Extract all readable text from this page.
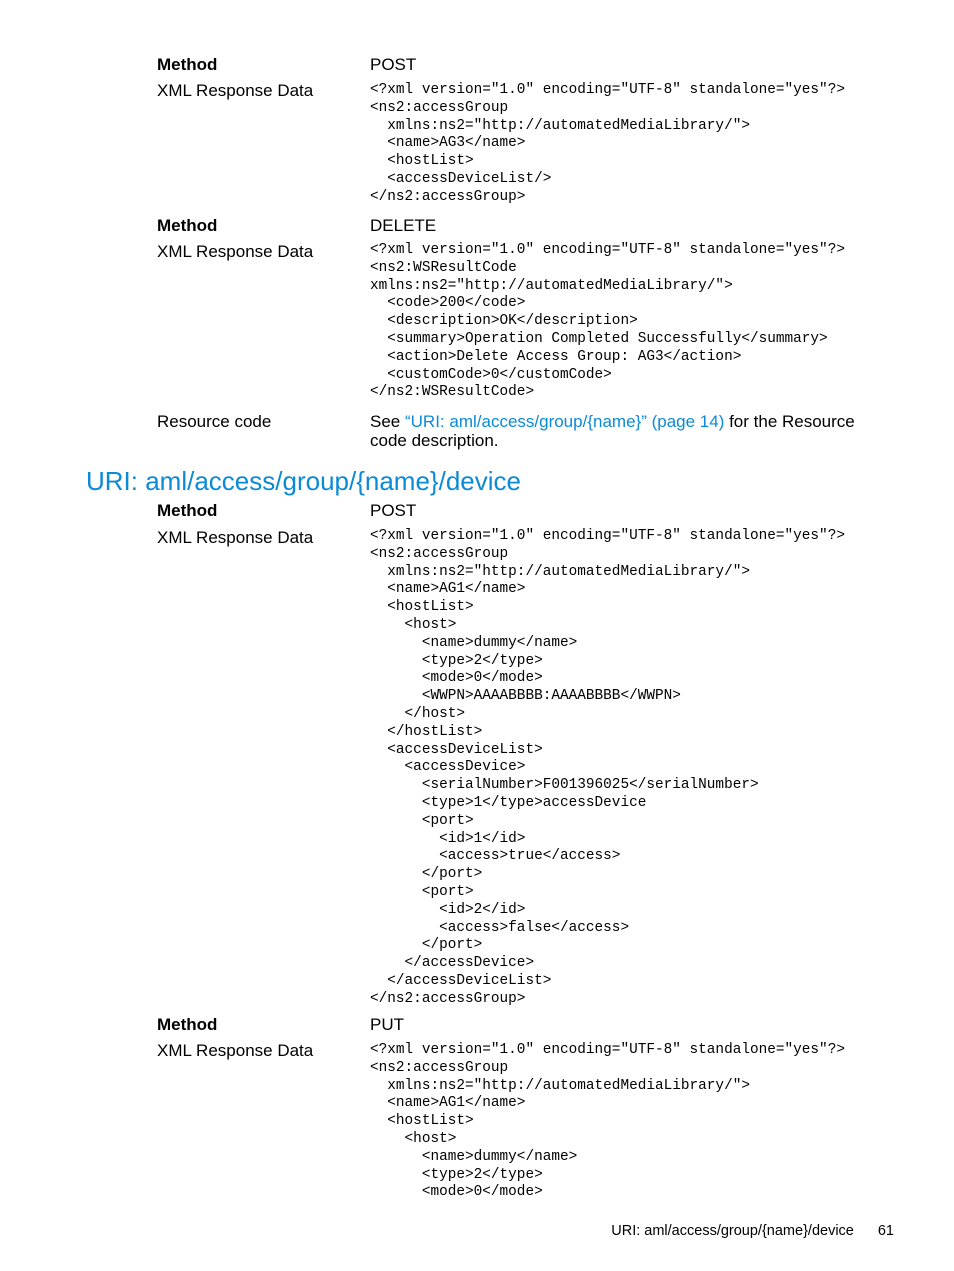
Method	POST
XML Response Data	<?xml version="1.0" encoding="UTF-8" standalone="yes"?>
<ns2:accessGroup
xmlns:ns2="http://automatedMediaLibrary/">
<name>AG3</name>
<hostList>
<accessDeviceList/>
</ns2:accessGroup>
Method	DELETE
XML Response Data	<?xml version="1.0" encoding="UTF-8" standalone="yes"?>
<ns2:WSResultCode
xmlns:ns2="http://automatedMediaLibrary/">
<code>200</code>
<description>OK</description>
<summary>Operation Completed Successfully</summary>
<action>Delete Access Group: AG3</action>
<customCode>0</customCode>
</ns2:WSResultCode>
Resource code	See “URI: aml/access/group/{name}” (page 14) for the Resource
code description.
URI: aml/access/group/{name}/device
Method	POST
XML Response Data	<?xml version="1.0" encoding="UTF-8" standalone="yes"?>
<ns2:accessGroup
xmlns:ns2="http://automatedMediaLibrary/">
<name>AG1</name>
<hostList>
<host>
<name>dummy</name>
<type>2</type>
<mode>0</mode>
<WWPN>AAAABBBB:AAAABBBB</WWPN>
</host>
</hostList>
<accessDeviceList>
<accessDevice>
<serialNumber>F001396025</serialNumber>
<type>1</type>accessDevice
<port>
<id>1</id>
<access>true</access>
</port>
<port>
<id>2</id>
<access>false</access>
</port>
</accessDevice>
</accessDeviceList>
</ns2:accessGroup>
Method	PUT
XML Response Data	<?xml version="1.0" encoding="UTF-8" standalone="yes"?>
<ns2:accessGroup
xmlns:ns2="http://automatedMediaLibrary/">
<name>AG1</name>
<hostList>
<host>
<name>dummy</name>
<type>2</type>
<mode>0</mode>
URI: aml/access/group/{name}/device 61
